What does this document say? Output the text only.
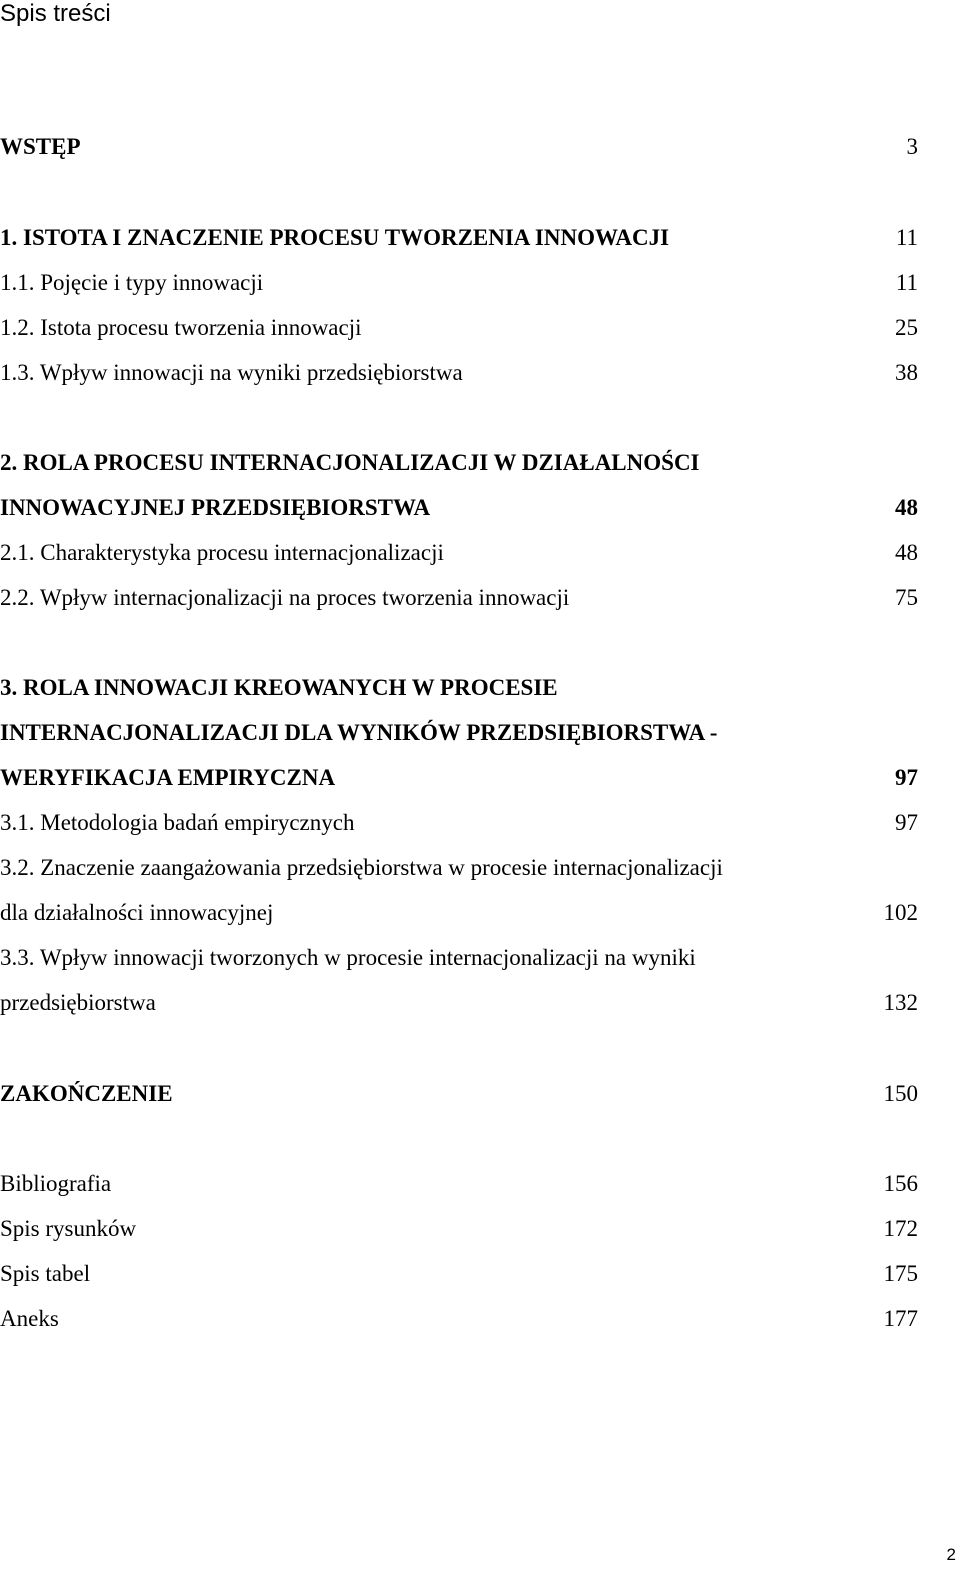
Spis treści
WSTĘP	3
1. ISTOTA I ZNACZENIE PROCESU TWORZENIA INNOWACJI	11
1.1. Pojęcie i typy innowacji	11
1.2. Istota procesu tworzenia innowacji	25
1.3. Wpływ innowacji na wyniki przedsiębiorstwa	38
2. ROLA PROCESU INTERNACJONALIZACJI W DZIAŁALNOŚCI
INNOWACYJNEJ PRZEDSIĘBIORSTWA	48
2.1. Charakterystyka procesu internacjonalizacji	48
2.2. Wpływ internacjonalizacji na proces tworzenia innowacji	75
3. ROLA INNOWACJI KREOWANYCH W PROCESIE
INTERNACJONALIZACJI DLA WYNIKÓW PRZEDSIĘBIORSTWA -
WERYFIKACJA EMPIRYCZNA	97
3.1. Metodologia badań empirycznych	97
3.2. Znaczenie zaangażowania przedsiębiorstwa w procesie internacjonalizacji
dla działalności innowacyjnej	102
3.3. Wpływ innowacji tworzonych w procesie internacjonalizacji na wyniki
przedsiębiorstwa	132
ZAKOŃCZENIE	150
Bibliografia	156
Spis rysunków	172
Spis tabel	175
Aneks	177
2
